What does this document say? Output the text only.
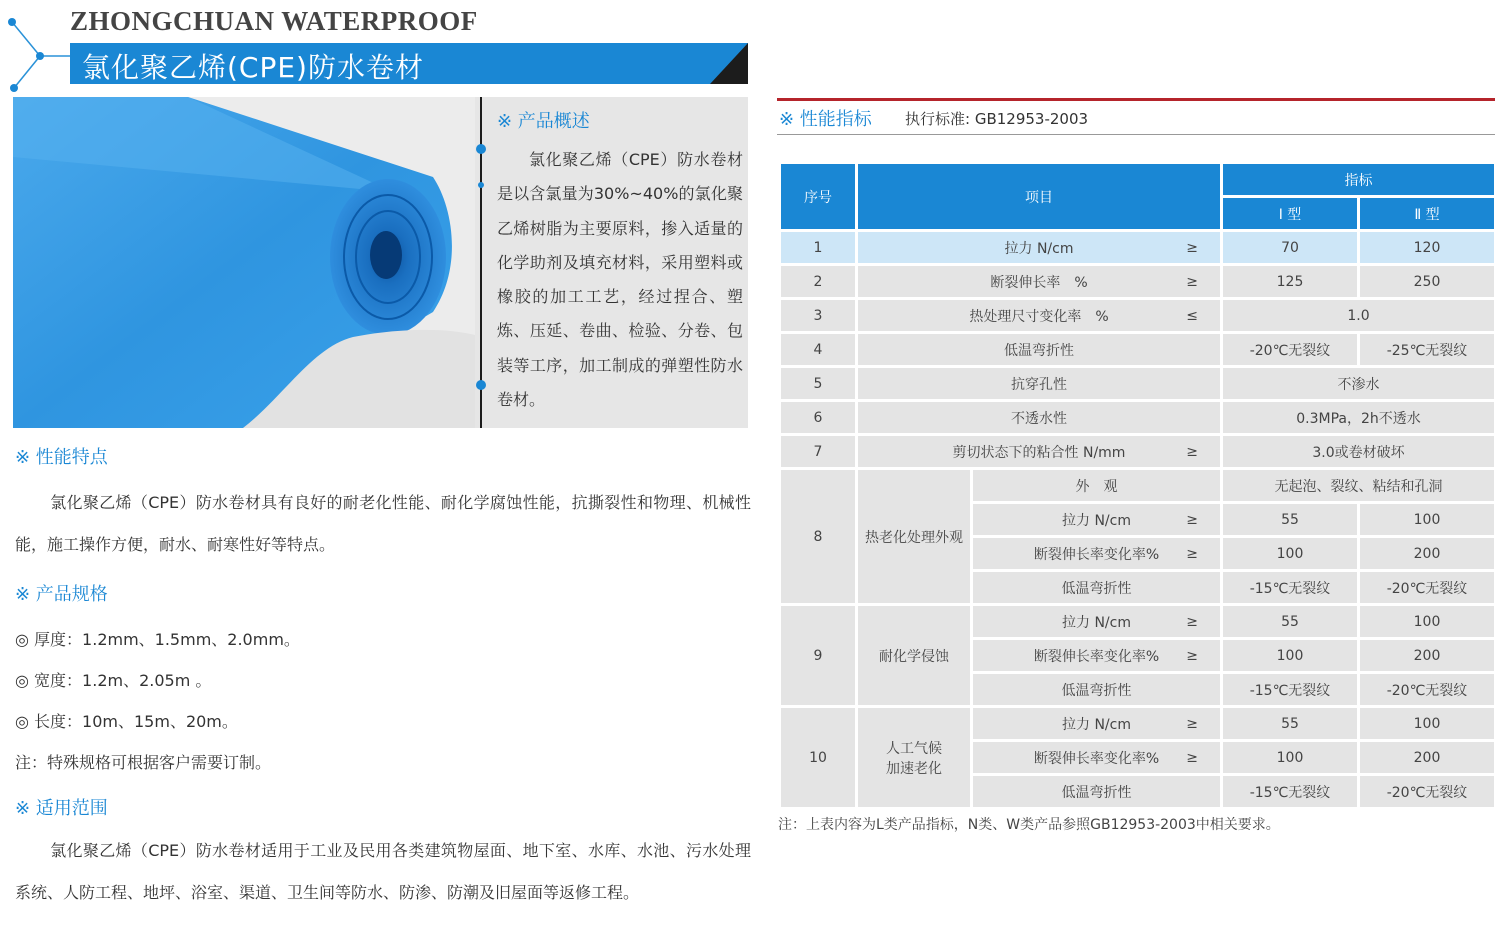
ZHONGCHUAN WATERPROOF
氯化聚乙烯(CPE)防水卷材
※ 产品概述
氯化聚乙烯（CPE）防水卷材是以含氯量为30%~40%的氯化聚乙烯树脂为主要原料，掺入适量的化学助剂及填充材料，采用塑料或橡胶的加工工艺，经过捏合、塑炼、压延、卷曲、检验、分卷、包装等工序，加工制成的弹塑性防水卷材。
※ 性能特点
氯化聚乙烯（CPE）防水卷材具有良好的耐老化性能、耐化学腐蚀性能，抗撕裂性和物理、机械性能，施工操作方便，耐水、耐寒性好等特点。
※ 产品规格
◎ 厚度：1.2mm、1.5mm、2.0mm。
◎ 宽度：1.2m、2.05m 。
◎ 长度：10m、15m、20m。
注：特殊规格可根据客户需要订制。
※ 适用范围
氯化聚乙烯（CPE）防水卷材适用于工业及民用各类建筑物屋面、地下室、水库、水池、污水处理系统、人防工程、地坪、浴室、渠道、卫生间等防水、防渗、防潮及旧屋面等返修工程。
※ 性能指标 执行标准: GB12953-2003
序号	项目		指标	
			Ⅰ 型	Ⅱ 型
1	拉力 N/cm ≥		70	120
2	断裂伸长率　% ≥		125	250
3	热处理尺寸变化率　% ≤		1.0	
4	低温弯折性		-20℃无裂纹	-25℃无裂纹
5	抗穿孔性		不渗水	
6	不透水性		0.3MPa，2h不透水	
7	剪切状态下的粘合性 N/mm ≥		3.0或卷材破坏	
8	热老化处理外观	外　观	无起泡、裂纹、粘结和孔洞	
		拉力 N/cm ≥	55	100
		断裂伸长率变化率% ≥	100	200
		低温弯折性	-15℃无裂纹	-20℃无裂纹
9	耐化学侵蚀	拉力 N/cm ≥	55	100
		断裂伸长率变化率% ≥	100	200
		低温弯折性	-15℃无裂纹	-20℃无裂纹
10	人工气候
加速老化	拉力 N/cm ≥	55	100
		断裂伸长率变化率% ≥	100	200
		低温弯折性	-15℃无裂纹	-20℃无裂纹
注：上表内容为L类产品指标，N类、W类产品参照GB12953-2003中相关要求。
